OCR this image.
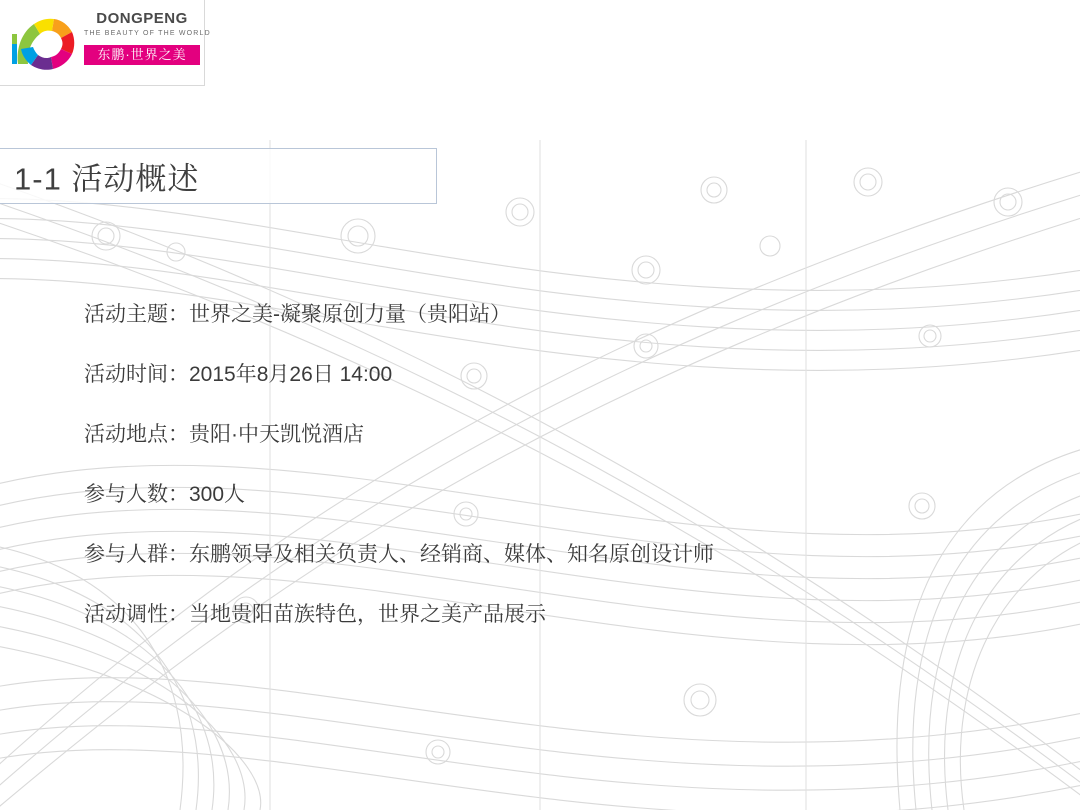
DONGPENG
THE BEAUTY OF THE WORLD
东鹏·世界之美
1-1 活动概述
活动主题：世界之美-凝聚原创力量（贵阳站）
活动时间：2015年8月26日 14:00
活动地点：贵阳·中天凯悦酒店
参与人数：300人
参与人群：东鹏领导及相关负责人、经销商、媒体、知名原创设计师
活动调性：当地贵阳苗族特色，世界之美产品展示
